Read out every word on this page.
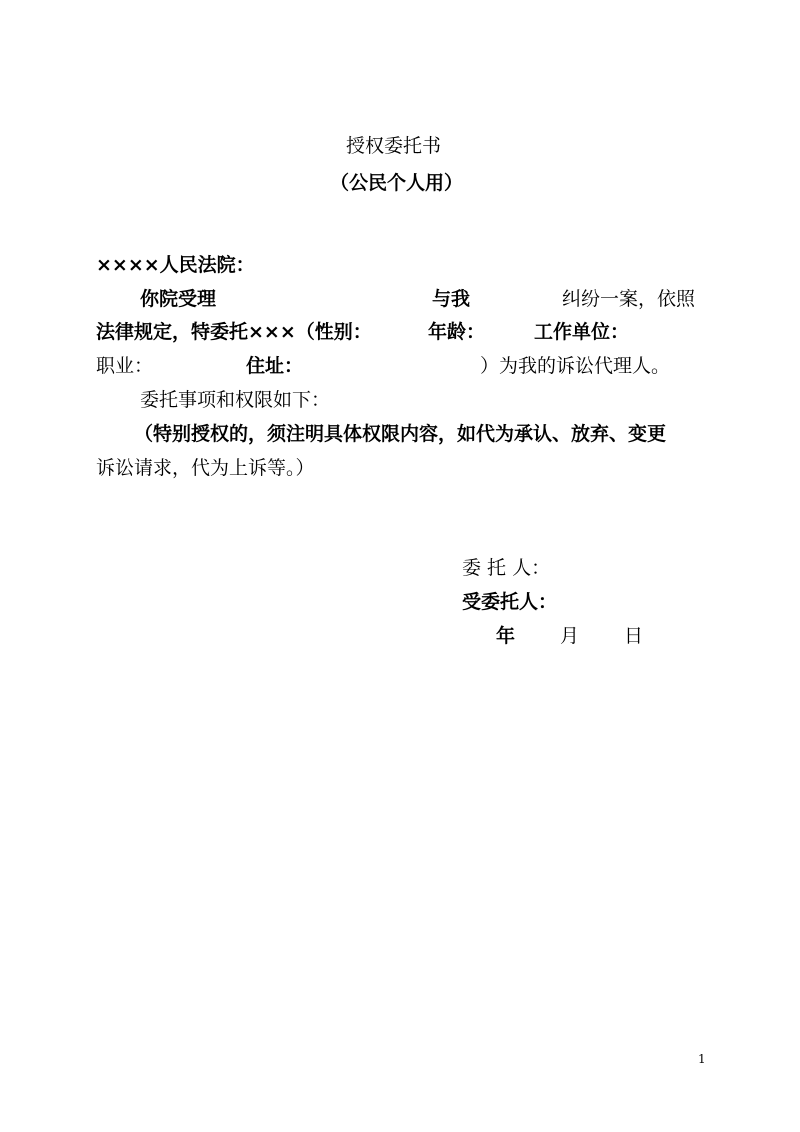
授权委托书
（公民个人用）
××××人民法院：
你院受理	与我	纠纷一案，依照
法律规定，特委托×××（性别：	年龄：	工作单位：
职业：	住址：	）为我的诉讼代理人。
委托事项和权限如下：
（特别授权的，须注明具体权限内容，如代为承认、放弃、变更
诉讼请求，代为上诉等。）
委 托 人：
受委托人：
年 月 日
1
